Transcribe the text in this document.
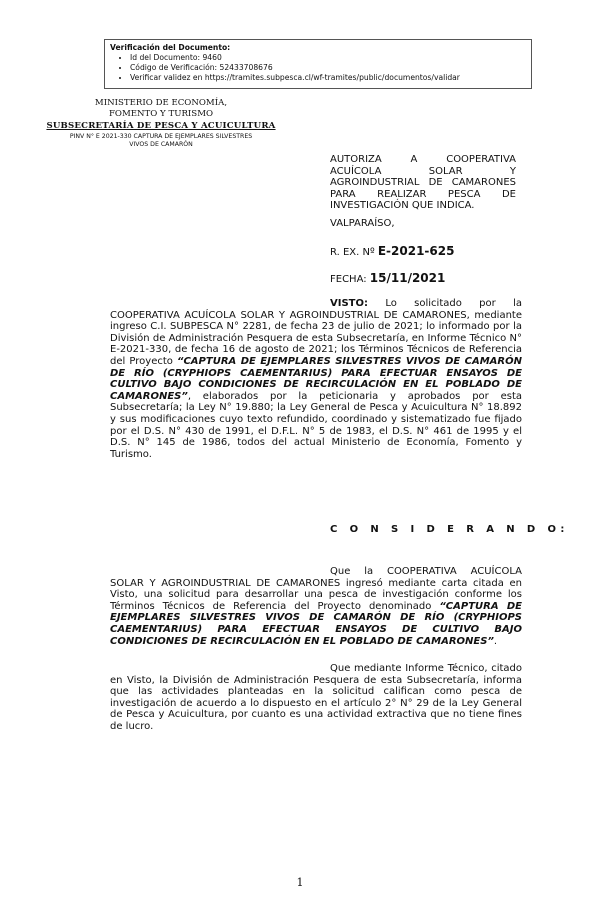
Verificación del Documento:
• Id del Documento: 9460
• Código de Verificación: 52433708676
• Verificar validez en https://tramites.subpesca.cl/wf-tramites/public/documentos/validar
MINISTERIO DE ECONOMÍA,
FOMENTO Y TURISMO
SUBSECRETARÍA DE PESCA Y ACUICULTURA
PINV N° E 2021-330 CAPTURA DE EJEMPLARES SILVESTRES
VIVOS DE CAMARÓN
AUTORIZA A COOPERATIVA ACUÍCOLA SOLAR Y AGROINDUSTRIAL DE CAMARONES PARA REALIZAR PESCA DE INVESTIGACIÓN QUE INDICA.
VALPARAÍSO,
R. EX. Nº E-2021-625
FECHA: 15/11/2021
VISTO: Lo solicitado por la COOPERATIVA ACUÍCOLA SOLAR Y AGROINDUSTRIAL DE CAMARONES, mediante ingreso C.I. SUBPESCA N° 2281, de fecha 23 de julio de 2021; lo informado por la División de Administración Pesquera de esta Subsecretaría, en Informe Técnico N° E-2021-330, de fecha 16 de agosto de 2021; los Términos Técnicos de Referencia del Proyecto “CAPTURA DE EJEMPLARES SILVESTRES VIVOS DE CAMARÓN DE RÍO (CRYPHIOPS CAEMENTARIUS) PARA EFECTUAR ENSAYOS DE CULTIVO BAJO CONDICIONES DE RECIRCULACIÓN EN EL POBLADO DE CAMARONES”, elaborados por la peticionaria y aprobados por esta Subsecretaría; la Ley N° 19.880; la Ley General de Pesca y Acuicultura N° 18.892 y sus modificaciones cuyo texto refundido, coordinado y sistematizado fue fijado por el D.S. N° 430 de 1991, el D.F.L. N° 5 de 1983, el D.S. N° 461 de 1995 y el D.S. N° 145 de 1986, todos del actual Ministerio de Economía, Fomento y Turismo.
C O N S I D E R A N D O:
Que la COOPERATIVA ACUÍCOLA SOLAR Y AGROINDUSTRIAL DE CAMARONES ingresó mediante carta citada en Visto, una solicitud para desarrollar una pesca de investigación conforme los Términos Técnicos de Referencia del Proyecto denominado “CAPTURA DE EJEMPLARES SILVESTRES VIVOS DE CAMARÓN DE RÍO (CRYPHIOPS CAEMENTARIUS) PARA EFECTUAR ENSAYOS DE CULTIVO BAJO CONDICIONES DE RECIRCULACIÓN EN EL POBLADO DE CAMARONES”.
Que mediante Informe Técnico, citado en Visto, la División de Administración Pesquera de esta Subsecretaría, informa que las actividades planteadas en la solicitud califican como pesca de investigación de acuerdo a lo dispuesto en el artículo 2° N° 29 de la Ley General de Pesca y Acuicultura, por cuanto es una actividad extractiva que no tiene fines de lucro.
1
